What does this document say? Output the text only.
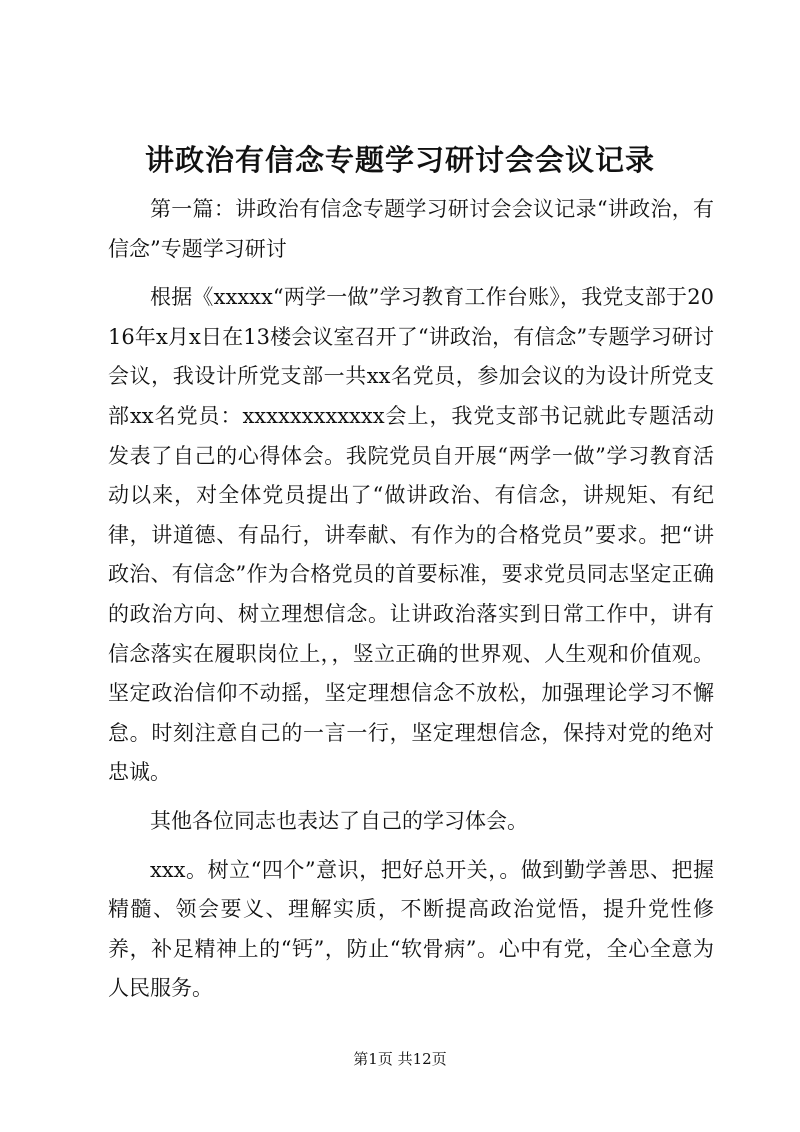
讲政治有信念专题学习研讨会会议记录

第一篇：讲政治有信念专题学习研讨会会议记录“讲政治，有信念”专题学习研讨

根据《xxxxx“两学一做”学习教育工作台账》，我党支部于2016年x月x日在13楼会议室召开了“讲政治，有信念”专题学习研讨会议，我设计所党支部一共xx名党员，参加会议的为设计所党支部xx名党员：xxxxxxxxxxxx会上，我党支部书记就此专题活动发表了自己的心得体会。我院党员自开展“两学一做”学习教育活动以来，对全体党员提出了“做讲政治、有信念，讲规矩、有纪律，讲道德、有品行，讲奉献、有作为的合格党员”要求。把“讲政治、有信念”作为合格党员的首要标准，要求党员同志坚定正确的政治方向、树立理想信念。让讲政治落实到日常工作中，讲有信念落实在履职岗位上，，竖立正确的世界观、人生观和价值观。坚定政治信仰不动摇，坚定理想信念不放松，加强理论学习不懈怠。时刻注意自己的一言一行，坚定理想信念，保持对党的绝对忠诚。

其他各位同志也表达了自己的学习体会。

xxx。树立“四个”意识，把好总开关，。做到勤学善思、把握精髓、领会要义、理解实质，不断提高政治觉悟，提升党性修养，补足精神上的“钙”，防止“软骨病”。心中有党，全心全意为人民服务。

第1页 共12页
